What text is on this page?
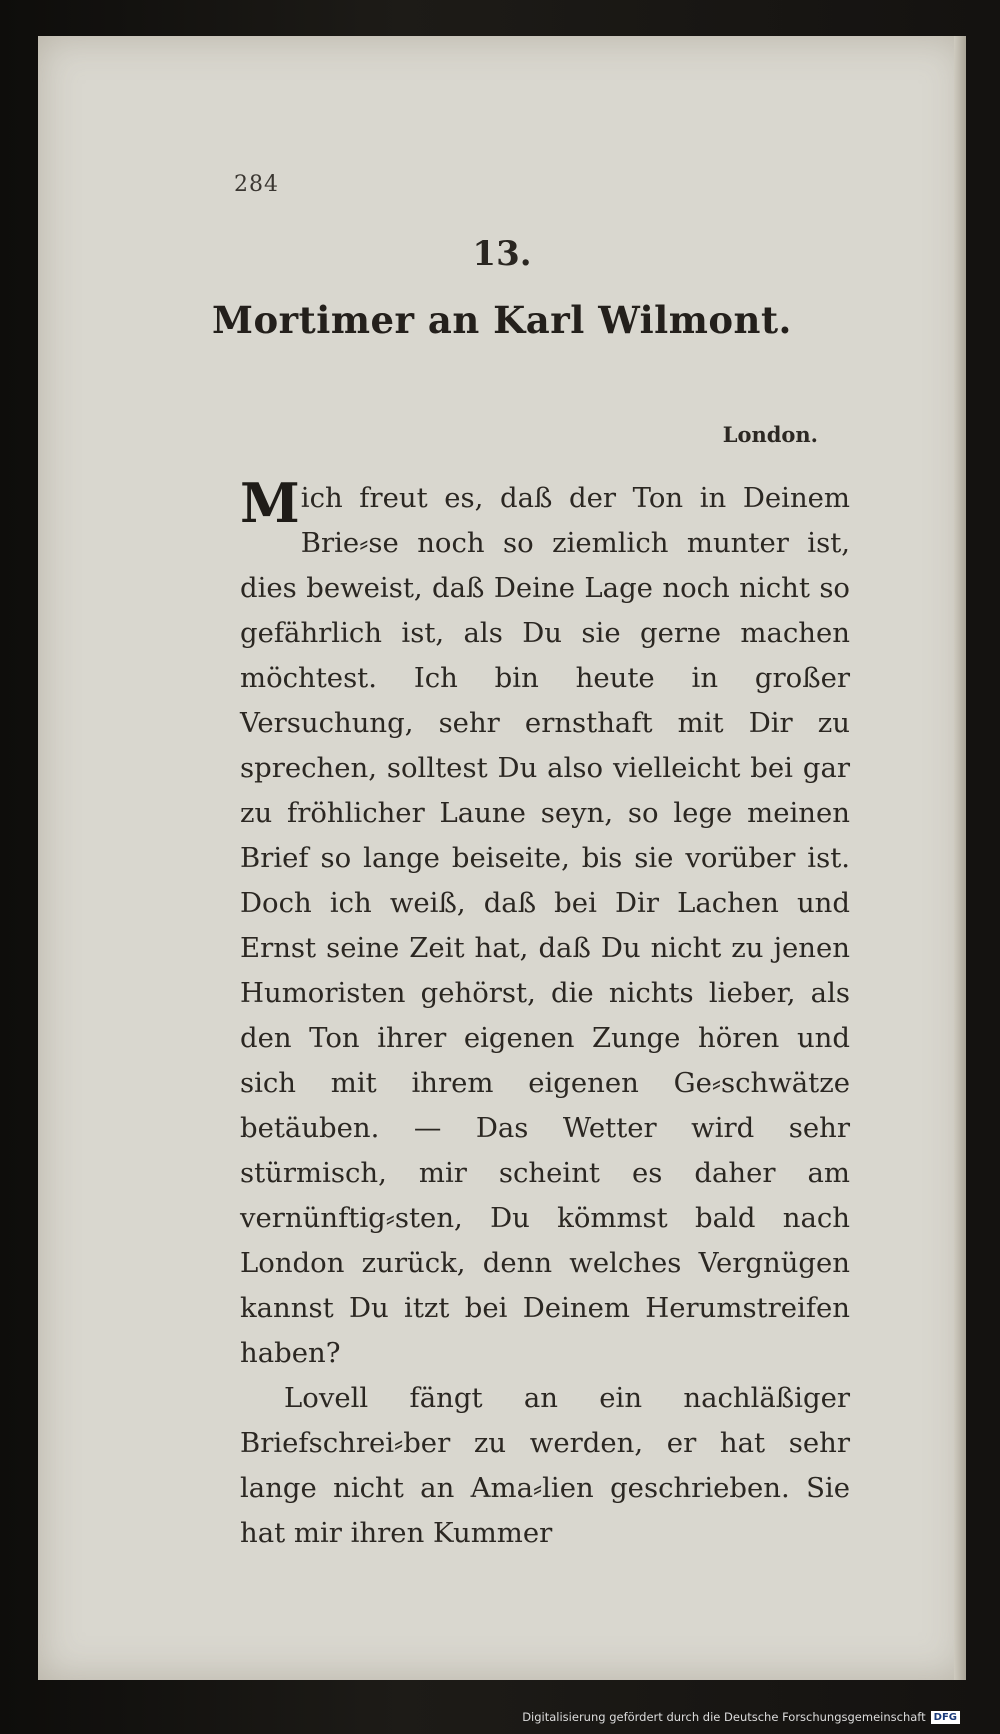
284
13.
Mortimer an Karl Wilmont.
London.

Mich freut es, daß der Ton in Deinem Brie⸗se noch so ziemlich munter ist, dies beweist, daß Deine Lage noch nicht so gefährlich ist, als Du sie gerne machen möchtest. Ich bin heute in großer Versuchung, sehr ernsthaft mit Dir zu sprechen, solltest Du also vielleicht bei gar zu fröhlicher Laune seyn, so lege meinen Brief so lange beiseite, bis sie vorüber ist. Doch ich weiß, daß bei Dir Lachen und Ernst seine Zeit hat, daß Du nicht zu jenen Humoristen gehörst, die nichts lieber, als den Ton ihrer eigenen Zunge hören und sich mit ihrem eigenen Ge⸗schwätze betäuben. — Das Wetter wird sehr stürmisch, mir scheint es daher am vernünftig⸗sten, Du kömmst bald nach London zurück, denn welches Vergnügen kannst Du itzt bei Deinem Herumstreifen haben?

Lovell fängt an ein nachläßiger Briefschrei⸗ber zu werden, er hat sehr lange nicht an Ama⸗lien geschrieben. Sie hat mir ihren Kummer

Digitalisierung gefördert durch die Deutsche Forschungsgemeinschaft DFG
